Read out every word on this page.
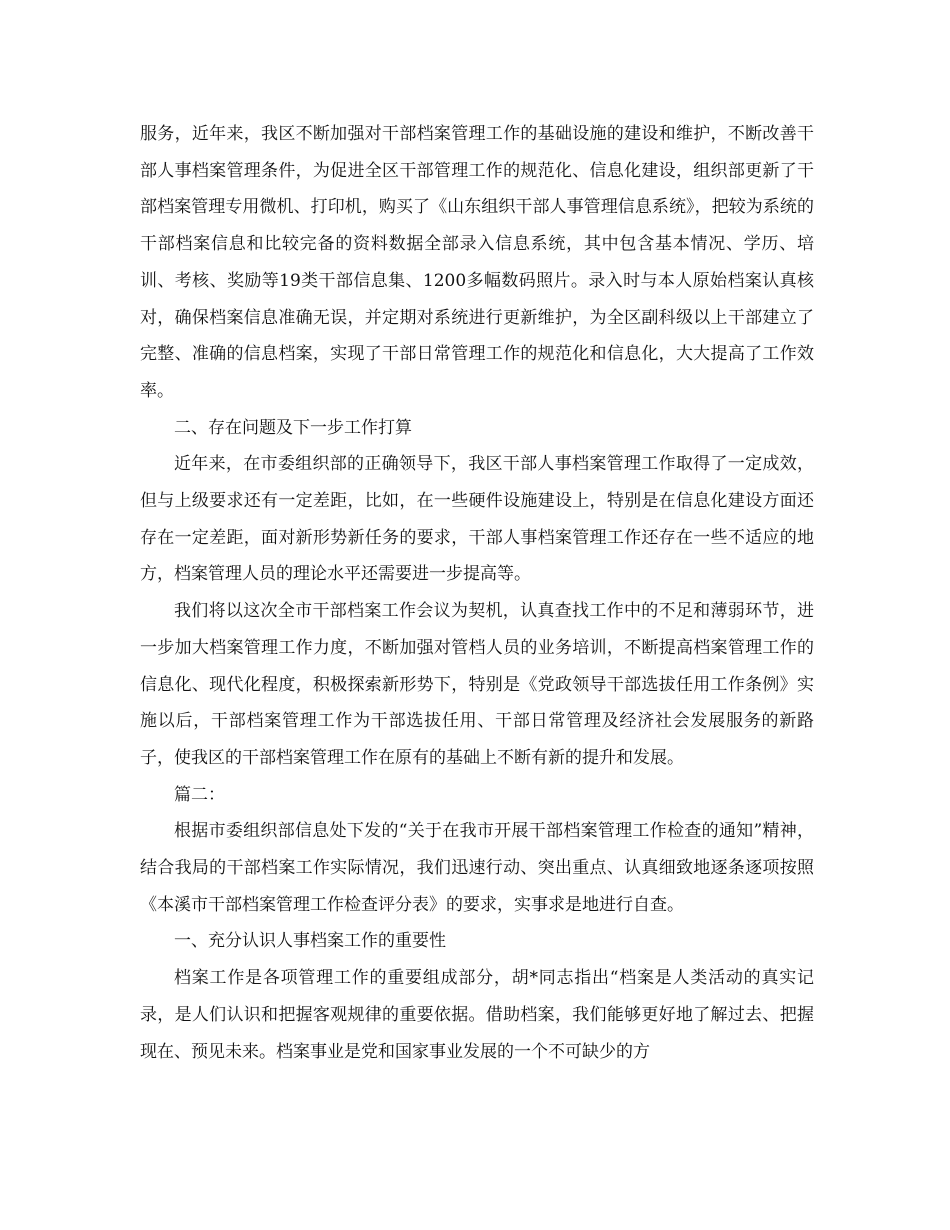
服务，近年来，我区不断加强对干部档案管理工作的基础设施的建设和维护，不断改善干部人事档案管理条件，为促进全区干部管理工作的规范化、信息化建设，组织部更新了干部档案管理专用微机、打印机，购买了《山东组织干部人事管理信息系统》，把较为系统的干部档案信息和比较完备的资料数据全部录入信息系统，其中包含基本情况、学历、培训、考核、奖励等19类干部信息集、1200多幅数码照片。录入时与本人原始档案认真核对，确保档案信息准确无误，并定期对系统进行更新维护，为全区副科级以上干部建立了完整、准确的信息档案，实现了干部日常管理工作的规范化和信息化，大大提高了工作效率。

二、存在问题及下一步工作打算

近年来，在市委组织部的正确领导下，我区干部人事档案管理工作取得了一定成效，但与上级要求还有一定差距，比如，在一些硬件设施建设上，特别是在信息化建设方面还存在一定差距，面对新形势新任务的要求，干部人事档案管理工作还存在一些不适应的地方，档案管理人员的理论水平还需要进一步提高等。

我们将以这次全市干部档案工作会议为契机，认真查找工作中的不足和薄弱环节，进一步加大档案管理工作力度，不断加强对管档人员的业务培训，不断提高档案管理工作的信息化、现代化程度，积极探索新形势下，特别是《党政领导干部选拔任用工作条例》实施以后，干部档案管理工作为干部选拔任用、干部日常管理及经济社会发展服务的新路子，使我区的干部档案管理工作在原有的基础上不断有新的提升和发展。

篇二：

根据市委组织部信息处下发的“关于在我市开展干部档案管理工作检查的通知”精神，结合我局的干部档案工作实际情况，我们迅速行动、突出重点、认真细致地逐条逐项按照《本溪市干部档案管理工作检查评分表》的要求，实事求是地进行自查。

一、充分认识人事档案工作的重要性

档案工作是各项管理工作的重要组成部分，胡*同志指出“档案是人类活动的真实记录，是人们认识和把握客观规律的重要依据。借助档案，我们能够更好地了解过去、把握现在、预见未来。档案事业是党和国家事业发展的一个不可缺少的方
